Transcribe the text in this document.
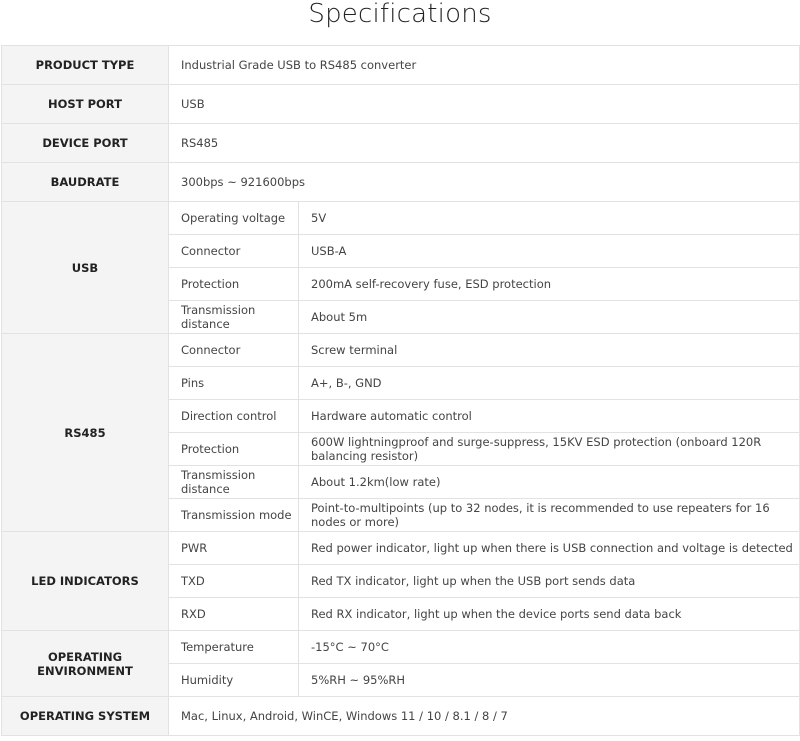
Specifications
PRODUCT TYPE	Industrial Grade USB to RS485 converter	
HOST PORT	USB	
DEVICE PORT	RS485	
BAUDRATE	300bps ~ 921600bps	
USB	Operating voltage	5V
	Connector	USB-A
	Protection	200mA self-recovery fuse, ESD protection
	Transmission distance	About 5m
RS485	Connector	Screw terminal
	Pins	A+, B-, GND
	Direction control	Hardware automatic control
	Protection	600W lightningproof and surge-suppress, 15KV ESD protection (onboard 120R balancing resistor)
	Transmission distance	About 1.2km(low rate)
	Transmission mode	Point-to-multipoints (up to 32 nodes, it is recommended to use repeaters for 16 nodes or more)
LED INDICATORS	PWR	Red power indicator, light up when there is USB connection and voltage is detected
	TXD	Red TX indicator, light up when the USB port sends data
	RXD	Red RX indicator, light up when the device ports send data back
OPERATING ENVIRONMENT	Temperature	-15°C ~ 70°C
	Humidity	5%RH ~ 95%RH
OPERATING SYSTEM	Mac, Linux, Android, WinCE, Windows 11 / 10 / 8.1 / 8 / 7	
